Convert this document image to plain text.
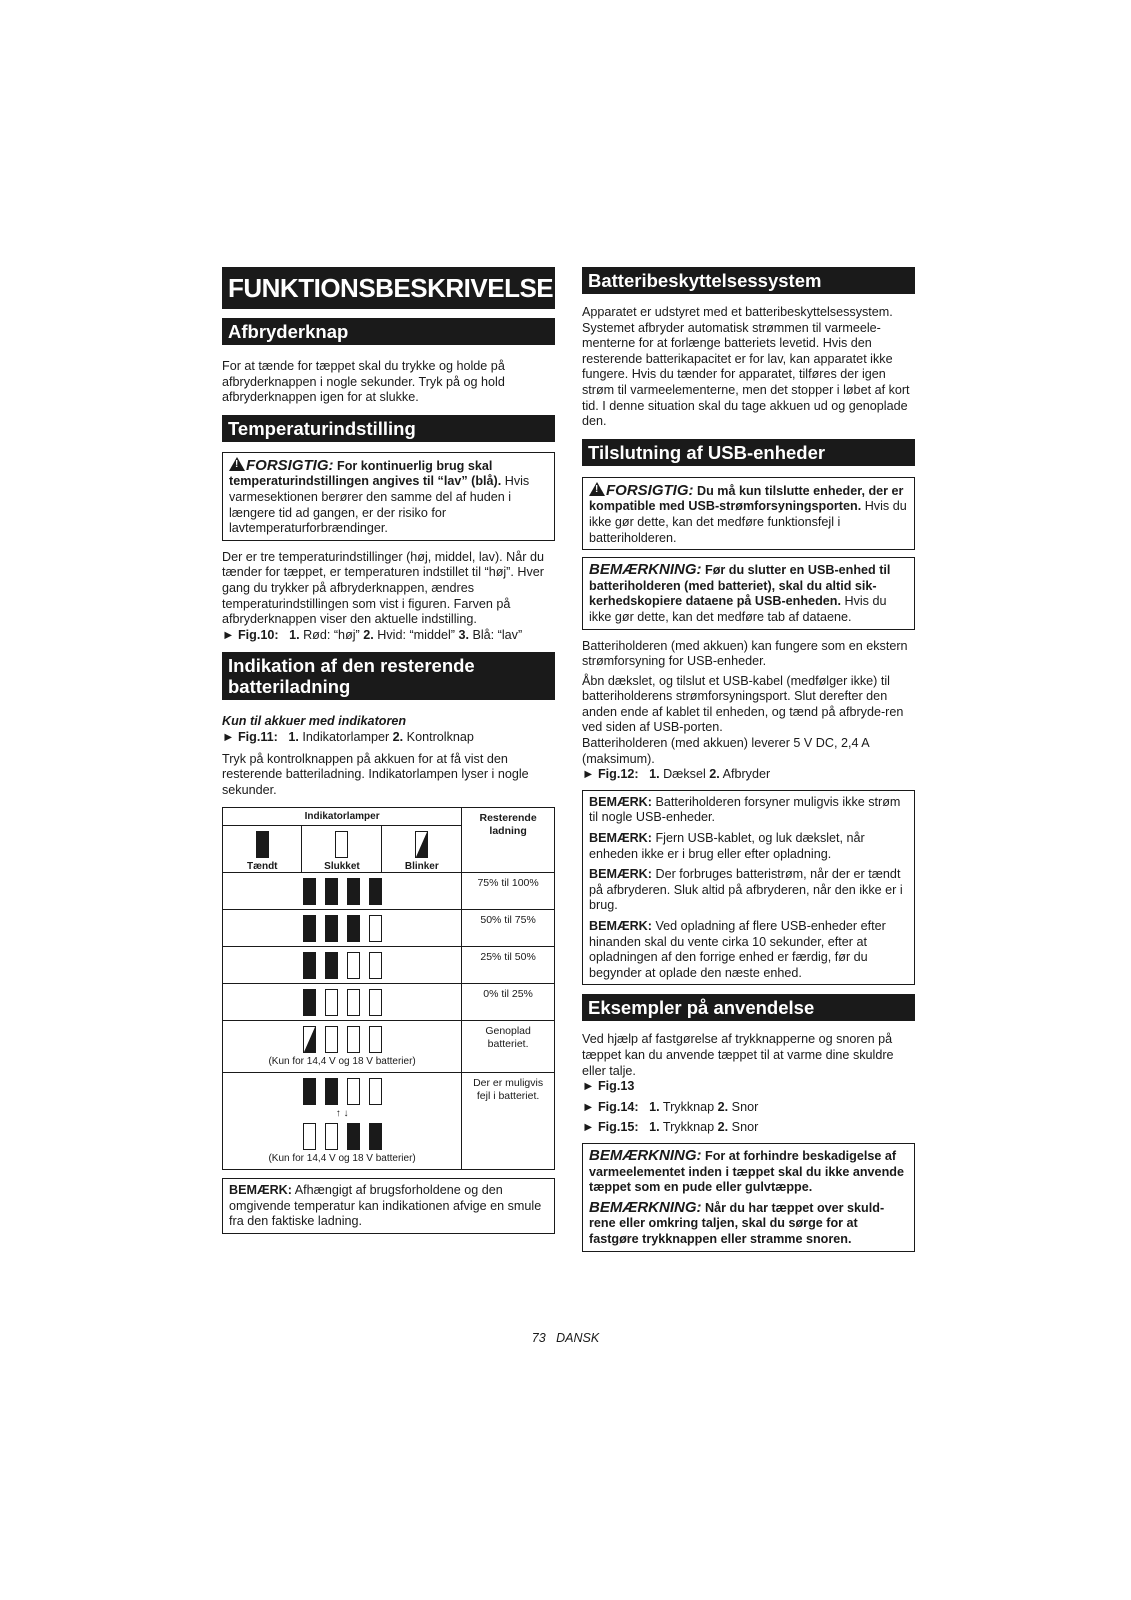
FUNKTIONSBESKRIVELSE
Afbryderknap

For at tænde for tæppet skal du trykke og holde på afbryderknappen i nogle sekunder. Tryk på og hold afbryderknappen igen for at slukke.

Temperaturindstilling

! FORSIGTIG: For kontinuerlig brug skal temperaturindstillingen angives til “lav” (blå). Hvis varmesektionen berører den samme del af huden i længere tid ad gangen, er der risiko for lavtemperaturforbrændinger.

Der er tre temperaturindstillinger (høj, middel, lav). Når du tænder for tæppet, er temperaturen indstillet til “høj”. Hver gang du trykker på afbryderknappen, ændres temperaturindstillingen som vist i figuren. Farven på afbryderknappen viser den aktuelle indstilling.

► Fig.10: 1. Rød: “høj” 2. Hvid: “middel” 3. Blå: “lav”

Indikation af den resterende batteriladning

Kun til akkuer med indikatoren

► Fig.11: 1. Indikatorlamper 2. Kontrolknap

Tryk på kontrolknappen på akkuen for at få vist den resterende batteriladning. Indikatorlampen lyser i nogle sekunder.

Indikatorlamper			Resterende ladning

Tændt	Slukket	Blinker	

			75% til 100%

			50% til 75%

			25% til 50%

			0% til 25%

(Kun for 14,4 V og 18 V batterier)			Genoplad batteriet.

↑ ↓
(Kun for 14,4 V og 18 V batterier)			Der er muligvis fejl i batteriet.

BEMÆRK: Afhængigt af brugsforholdene og den omgivende temperatur kan indikationen afvige en smule fra den faktiske ladning.

Batteribeskyttelsessystem

Apparatet er udstyret med et batteribeskyttelsessystem. Systemet afbryder automatisk strømmen til varmeele-menterne for at forlænge batteriets levetid. Hvis den resterende batterikapacitet er for lav, kan apparatet ikke fungere. Hvis du tænder for apparatet, tilføres der igen strøm til varmeelementerne, men det stopper i løbet af kort tid. I denne situation skal du tage akkuen ud og genoplade den.

Tilslutning af USB-enheder

! FORSIGTIG: Du må kun tilslutte enheder, der er kompatible med USB-strømforsyningsporten. Hvis du ikke gør dette, kan det medføre funktionsfejl i batteriholderen.

BEMÆRKNING: Før du slutter en USB-enhed til batteriholderen (med batteriet), skal du altid sik-kerhedskopiere dataene på USB-enheden. Hvis du ikke gør dette, kan det medføre tab af dataene.

Batteriholderen (med akkuen) kan fungere som en ekstern strømforsyning for USB-enheder.

Åbn dækslet, og tilslut et USB-kabel (medfølger ikke) til batteriholderens strømforsyningsport. Slut derefter den anden ende af kablet til enheden, og tænd på afbryde-ren ved siden af USB-porten.

Batteriholderen (med akkuen) leverer 5 V DC, 2,4 A (maksimum).

► Fig.12: 1. Dæksel 2. Afbryder

BEMÆRK: Batteriholderen forsyner muligvis ikke strøm til nogle USB-enheder.

BEMÆRK: Fjern USB-kablet, og luk dækslet, når enheden ikke er i brug eller efter opladning.

BEMÆRK: Der forbruges batteristrøm, når der er tændt på afbryderen. Sluk altid på afbryderen, når den ikke er i brug.

BEMÆRK: Ved opladning af flere USB-enheder efter hinanden skal du vente cirka 10 sekunder, efter at opladningen af den forrige enhed er færdig, før du begynder at oplade den næste enhed.

Eksempler på anvendelse

Ved hjælp af fastgørelse af trykknapperne og snoren på tæppet kan du anvende tæppet til at varme dine skuldre eller talje.

► Fig.13

► Fig.14: 1. Trykknap 2. Snor

► Fig.15: 1. Trykknap 2. Snor

BEMÆRKNING: For at forhindre beskadigelse af varmeelementet inden i tæppet skal du ikke anvende tæppet som en pude eller gulvtæppe.

BEMÆRKNING: Når du har tæppet over skuld-rene eller omkring taljen, skal du sørge for at fastgøre trykknappen eller stramme snoren.

73 DANSK
